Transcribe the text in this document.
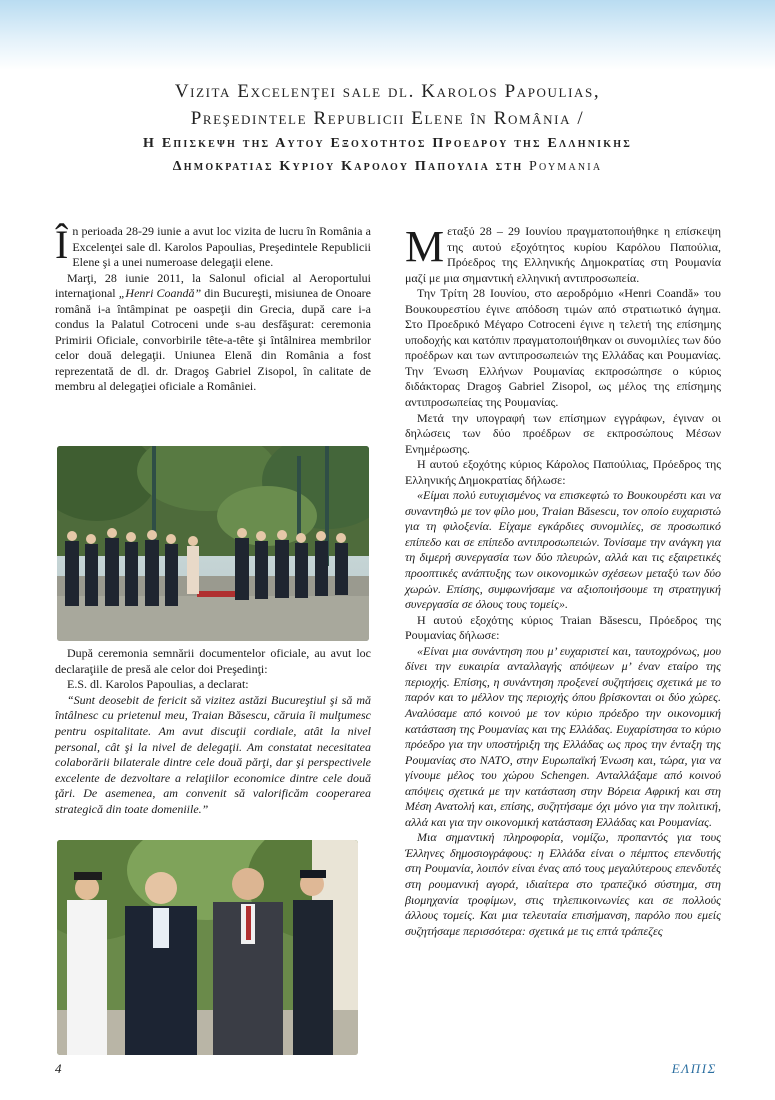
Vizita Excelenţei sale dl. Karolos Papoulias,
Preşedintele Republicii Elene în România /
Η Επισκεψη της Αυτου Εξοχοτητος Προεδρου της Ελληνικης
Δημοκρατιας Κυριου Καρολου Παπουλια στη Ρουμανια

În perioada 28-29 iunie a avut loc vizita de lucru în România a Excelenţei sale dl. Karolos Papoulias, Preşedintele Republicii Elene şi a unei numeroase delegaţii elene.

Marţi, 28 iunie 2011, la Salonul oficial al Aeroportului internaţional „Henri Coandă” din Bucureşti, misiunea de Onoare română i-a întâmpinat pe oaspeţii din Grecia, după care i-a condus la Palatul Cotroceni unde s-au desfăşurat: ceremonia Primirii Oficiale, convorbirile tête-a-tête şi întâlnirea membrilor celor două delegaţii. Uniunea Elenă din România a fost reprezentată de dl. dr. Dragoş Gabriel Zisopol, în calitate de membru al delegaţiei oficiale a României.

După ceremonia semnării documentelor oficiale, au avut loc declaraţiile de presă ale celor doi Preşedinţi:

E.S. dl. Karolos Papoulias, a declarat:

“Sunt deosebit de fericit să vizitez astăzi Bucureştiul şi să mă întâlnesc cu prietenul meu, Traian Băsescu, căruia îi mulţumesc pentru ospitalitate. Am avut discuţii cordiale, atât la nivel personal, cât şi la nivel de delegaţii. Am constatat necesitatea colaborării bilaterale dintre cele două părţi, dar şi perspectivele excelente de dezvoltare a relaţiilor economice dintre cele două ţări. De asemenea, am convenit să valorificăm cooperarea strategică din toate domeniile.”

Μεταξύ 28 – 29 Ιουνίου πραγματοποιήθηκε η επίσκεψη της αυτού εξοχότητος κυρίου Καρόλου Παπούλια, Πρόεδρος της Ελληνικής Δημοκρατίας στη Ρουμανία μαζί με μια σημαντική ελληνική αντιπροσωπεία.

Την Τρίτη 28 Ιουνίου, στο αεροδρόμιο «Henri Coandă» του Βουκουρεστίου έγινε απόδοση τιμών από στρατιωτικό άγημα. Στο Προεδρικό Μέγαρο Cotroceni έγινε η τελετή της επίσημης υποδοχής και κατόπιν πραγματοποιήθηκαν οι συνομιλίες των δύο προέδρων και των αντιπροσωπειών της Ελλάδας και Ρουμανίας. Την Ένωση Ελλήνων Ρουμανίας εκπροσώπησε ο κύριος διδάκτορας Dragoş Gabriel Zisopol, ως μέλος της επίσημης αντιπροσωπείας της Ρουμανίας.

Μετά την υπογραφή των επίσημων εγγράφων, έγιναν οι δηλώσεις των δύο προέδρων σε εκπροσώπους Μέσων Ενημέρωσης.

Η αυτού εξοχότης κύριος Κάρολος Παπούλιας, Πρόεδρος της Ελληνικής Δημοκρατίας δήλωσε:

«Είμαι πολύ ευτυχισμένος να επισκεφτώ το Βουκουρέστι και να συναντηθώ με τον φίλο μου, Traian Băsescu, τον οποίο ευχαριστώ για τη φιλοξενία. Είχαμε εγκάρδιες συνομιλίες, σε προσωπικό επίπεδο και σε επίπεδο αντιπροσωπειών. Τονίσαμε την ανάγκη για τη διμερή συνεργασία των δύο πλευρών, αλλά και τις εξαιρετικές προοπτικές ανάπτυξης των οικονομικών σχέσεων μεταξύ των δύο χωρών. Επίσης, συμφωνήσαμε να αξιοποιήσουμε τη στρατηγική συνεργασία σε όλους τους τομείς».

Η αυτού εξοχότης κύριος Traian Băsescu, Πρόεδρος της Ρουμανίας δήλωσε:

«Είναι μια συνάντηση που μ’ ευχαριστεί και, ταυτοχρόνως, μου δίνει την ευκαιρία ανταλλαγής απόψεων μ’ έναν εταίρο της περιοχής. Επίσης, η συνάντηση προξενεί συζητήσεις σχετικά με το παρόν και το μέλλον της περιοχής όπου βρίσκονται οι δύο χώρες. Αναλύσαμε από κοινού με τον κύριο πρόεδρο την οικονομική κατάσταση της Ρουμανίας και της Ελλάδας. Ευχαρίστησα το κύριο πρόεδρο για την υποστήριξη της Ελλάδας ως προς την ένταξη της Ρουμανίας στο ΝΑΤΟ, στην Ευρωπαϊκή Ένωση και, τώρα, για να γίνουμε μέλος του χώρου Schengen. Ανταλλάξαμε από κοινού απόψεις σχετικά με την κατάσταση στην Βόρεια Αφρική και στη Μέση Ανατολή και, επίσης, συζητήσαμε όχι μόνο για την πολιτική, αλλά και για την οικονομική κατάσταση Ελλάδας και Ρουμανίας.

Μια σημαντική πληροφορία, νομίζω, προπαντός για τους Έλληνες δημοσιογράφους: η Ελλάδα είναι ο πέμπτος επενδυτής στη Ρουμανία, λοιπόν είναι ένας από τους μεγαλύτερους επενδυτές στη ρουμανική αγορά, ιδιαίτερα στο τραπεζικό σύστημα, στη βιομηχανία τροφίμων, στις τηλεπικοινωνίες και σε πολλούς άλλους τομείς. Και μια τελευταία επισήμανση, παρόλο που εμείς συζητήσαμε περισσότερα: σχετικά με τις επτά τράπεζες

4	ΕΛΠΙΣ
